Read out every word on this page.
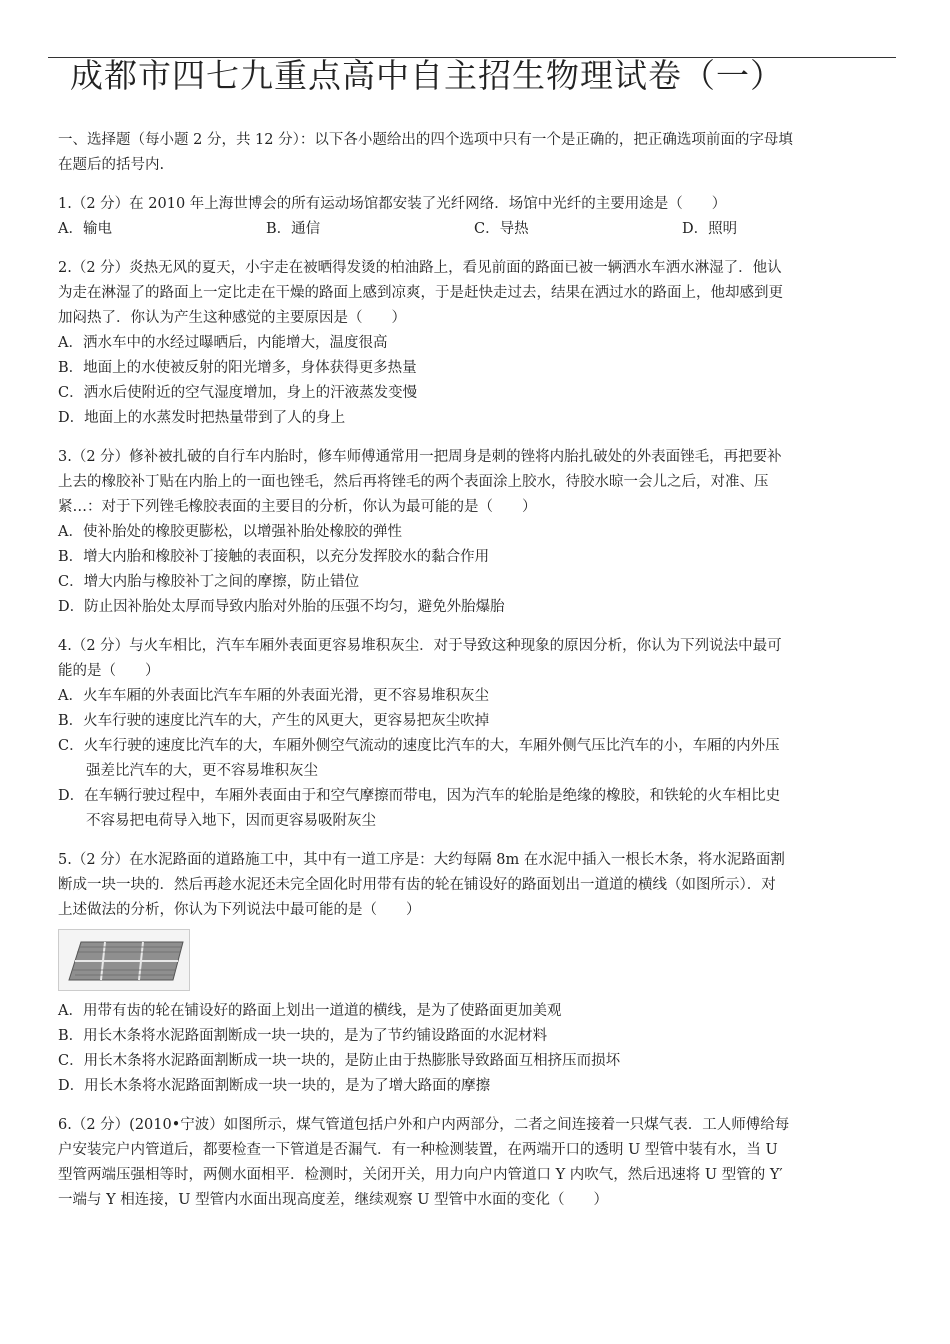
成都市四七九重点高中自主招生物理试卷（一）

一、选择题（每小题 2 分，共 12 分）：以下各小题给出的四个选项中只有一个是正确的，把正确选项前面的字母填

在题后的括号内.

1.（2 分）在 2010 年上海世博会的所有运动场馆都安装了光纤网络．场馆中光纤的主要用途是（　　）

A．输电	B．通信	C．导热	D．照明

2.（2 分）炎热无风的夏天，小宇走在被晒得发烫的柏油路上，看见前面的路面已被一辆洒水车洒水淋湿了．他认

为走在淋湿了的路面上一定比走在干燥的路面上感到凉爽，于是赶快走过去，结果在洒过水的路面上，他却感到更

加闷热了．你认为产生这种感觉的主要原因是（　　）

A．洒水车中的水经过曝晒后，内能增大，温度很高

B．地面上的水使被反射的阳光增多，身体获得更多热量

C．洒水后使附近的空气湿度增加，身上的汗液蒸发变慢

D．地面上的水蒸发时把热量带到了人的身上

3.（2 分）修补被扎破的自行车内胎时，修车师傅通常用一把周身是刺的锉将内胎扎破处的外表面锉毛，再把要补

上去的橡胶补丁贴在内胎上的一面也锉毛，然后再将锉毛的两个表面涂上胶水，待胶水晾一会儿之后，对准、压

紧…：对于下列锉毛橡胶表面的主要目的分析，你认为最可能的是（　　）

A．使补胎处的橡胶更膨松，以增强补胎处橡胶的弹性

B．增大内胎和橡胶补丁接触的表面积，以充分发挥胶水的黏合作用

C．增大内胎与橡胶补丁之间的摩擦，防止错位

D．防止因补胎处太厚而导致内胎对外胎的压强不均匀，避免外胎爆胎

4.（2 分）与火车相比，汽车车厢外表面更容易堆积灰尘．对于导致这种现象的原因分析，你认为下列说法中最可

能的是（　　）

A．火车车厢的外表面比汽车车厢的外表面光滑，更不容易堆积灰尘

B．火车行驶的速度比汽车的大，产生的风更大，更容易把灰尘吹掉

C．火车行驶的速度比汽车的大，车厢外侧空气流动的速度比汽车的大，车厢外侧气压比汽车的小，车厢的内外压

强差比汽车的大，更不容易堆积灰尘

D．在车辆行驶过程中，车厢外表面由于和空气摩擦而带电，因为汽车的轮胎是绝缘的橡胶，和铁轮的火车相比史

不容易把电荷导入地下，因而更容易吸附灰尘

5.（2 分）在水泥路面的道路施工中，其中有一道工序是：大约每隔 8m 在水泥中插入一根长木条，将水泥路面割

断成一块一块的．然后再趁水泥还未完全固化时用带有齿的轮在铺设好的路面划出一道道的横线（如图所示）．对

上述做法的分析，你认为下列说法中最可能的是（　　）

A．用带有齿的轮在铺设好的路面上划出一道道的横线，是为了使路面更加美观

B．用长木条将水泥路面割断成一块一块的，是为了节约铺设路面的水泥材料

C．用长木条将水泥路面割断成一块一块的，是防止由于热膨胀导致路面互相挤压而损坏

D．用长木条将水泥路面割断成一块一块的，是为了增大路面的摩擦

6.（2 分）(2010•宁波）如图所示，煤气管道包括户外和户内两部分，二者之间连接着一只煤气表．工人师傅给每

户安装完户内管道后，都要检查一下管道是否漏气．有一种检测装置，在两端开口的透明 U 型管中装有水，当 U

型管两端压强相等时，两侧水面相平．检测时，关闭开关，用力向户内管道口 Y 内吹气，然后迅速将 U 型管的 Y′

一端与 Y 相连接，U 型管内水面出现高度差，继续观察 U 型管中水面的变化（　　）
